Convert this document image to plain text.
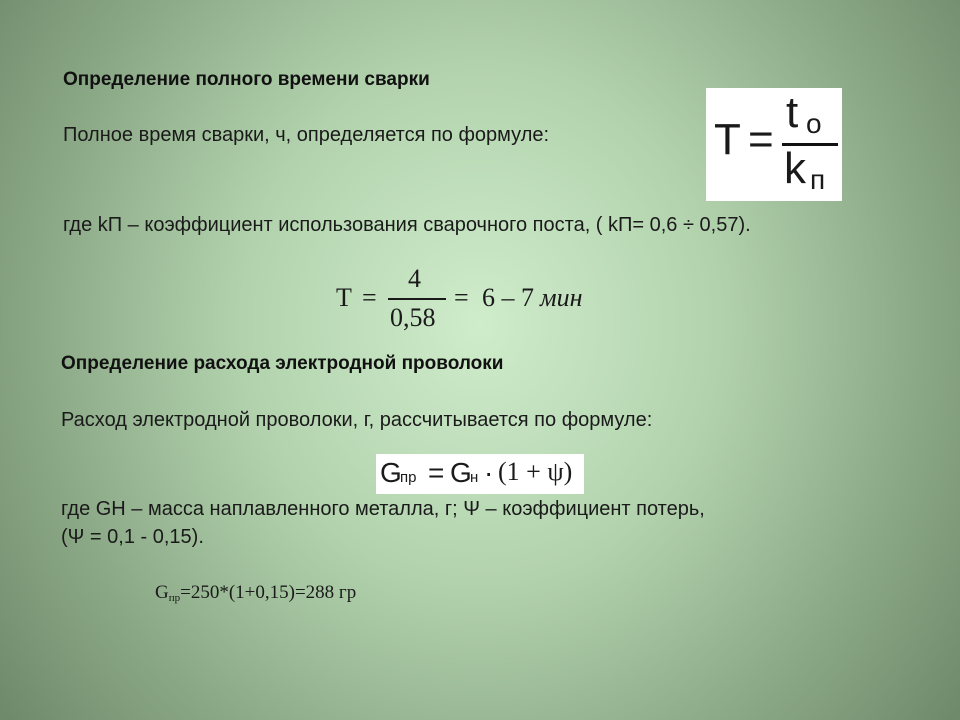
Определение полного времени сварки
Полное время сварки, ч, определяется по формуле:	T =
t o
k п
где kП – коэффициент использования сварочного поста, ( kП= 0,6 ÷ 0,57).
T =
4
0,58
= 6 – 7 мин
Определение расхода электродной проволоки
Расход электродной проволоки, г, рассчитывается по формуле:
G
пр = G
н · (1 + ψ)
где GН – масса наплавленного металла, г; Ψ – коэффициент потерь,
(Ψ = 0,1 - 0,15).
Gпр=250*(1+0,15)=288 гр
